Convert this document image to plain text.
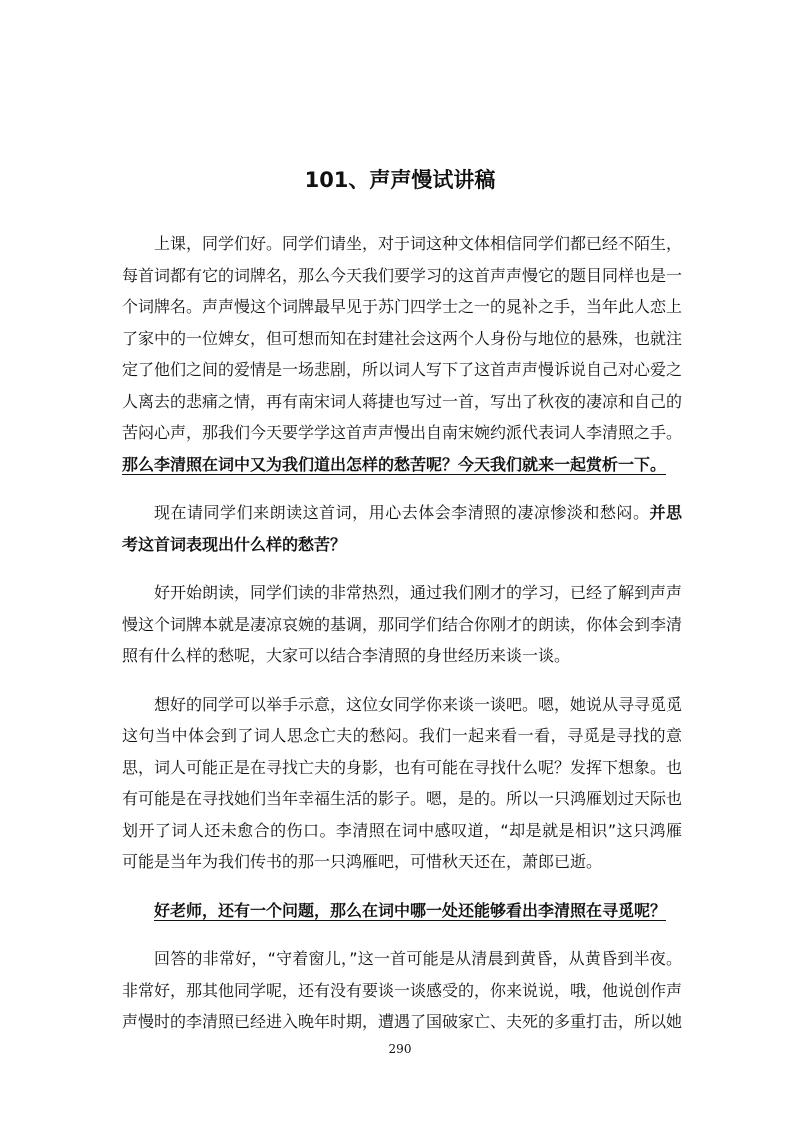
101、声声慢试讲稿

上课，同学们好。同学们请坐，对于词这种文体相信同学们都已经不陌生，每首词都有它的词牌名，那么今天我们要学习的这首声声慢它的题目同样也是一个词牌名。声声慢这个词牌最早见于苏门四学士之一的晁补之手，当年此人恋上了家中的一位婢女，但可想而知在封建社会这两个人身份与地位的悬殊，也就注定了他们之间的爱情是一场悲剧，所以词人写下了这首声声慢诉说自己对心爱之人离去的悲痛之情，再有南宋词人蒋捷也写过一首，写出了秋夜的凄凉和自己的苦闷心声，那我们今天要学学这首声声慢出自南宋婉约派代表词人李清照之手。那么李清照在词中又为我们道出怎样的愁苦呢？今天我们就来一起赏析一下。

现在请同学们来朗读这首词，用心去体会李清照的凄凉惨淡和愁闷。并思考这首词表现出什么样的愁苦？

好开始朗读，同学们读的非常热烈，通过我们刚才的学习，已经了解到声声慢这个词牌本就是凄凉哀婉的基调，那同学们结合你刚才的朗读，你体会到李清照有什么样的愁呢，大家可以结合李清照的身世经历来谈一谈。

想好的同学可以举手示意，这位女同学你来谈一谈吧。嗯，她说从寻寻觅觅这句当中体会到了词人思念亡夫的愁闷。我们一起来看一看，寻觅是寻找的意思，词人可能正是在寻找亡夫的身影，也有可能在寻找什么呢？发挥下想象。也有可能是在寻找她们当年幸福生活的影子。嗯，是的。所以一只鸿雁划过天际也划开了词人还未愈合的伤口。李清照在词中感叹道，“却是就是相识”这只鸿雁可能是当年为我们传书的那一只鸿雁吧，可惜秋天还在，萧郎已逝。

好老师，还有一个问题，那么在词中哪一处还能够看出李清照在寻觅呢？

回答的非常好，“守着窗儿，”这一首可能是从清晨到黄昏，从黄昏到半夜。非常好，那其他同学呢，还有没有要谈一谈感受的，你来说说，哦，他说创作声声慢时的李清照已经进入晚年时期，遭遇了国破家亡、夫死的多重打击，所以她

290
